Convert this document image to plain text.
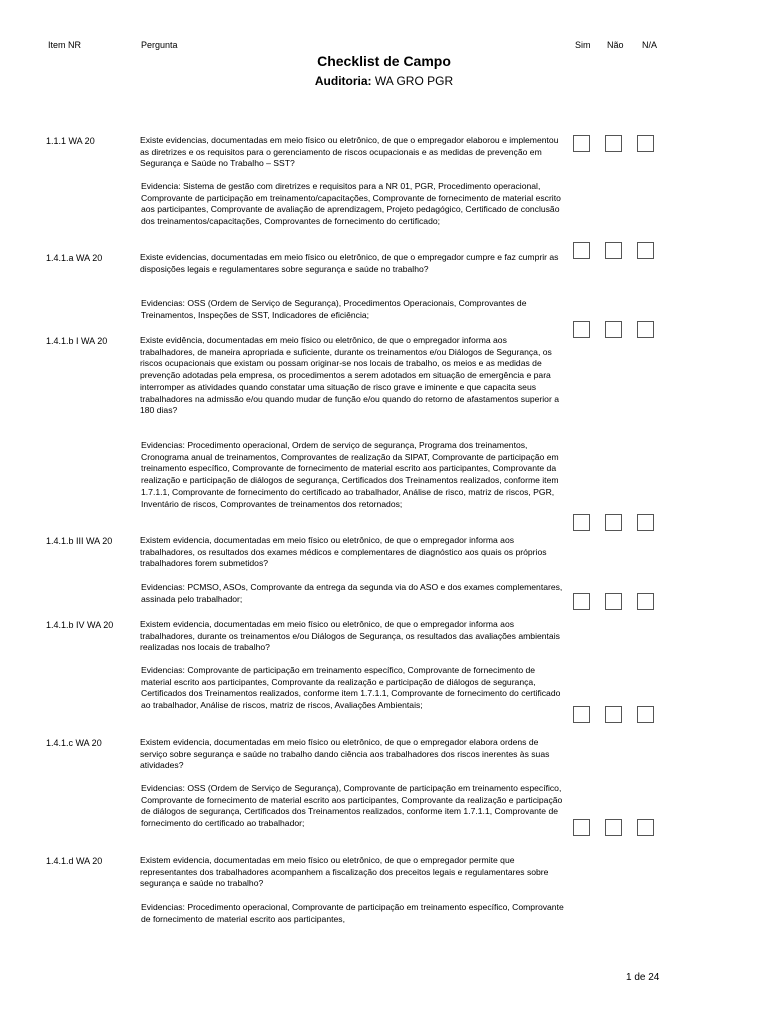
Item NR	Pergunta	Sim Não N/A
Checklist de Campo
Auditoria: WA GRO PGR
1.1.1 WA 20	Existe evidencias, documentadas em meio físico ou eletrônico, de que o empregador elaborou e implementou as diretrizes e os requisitos para o gerenciamento de riscos ocupacionais e as medidas de prevenção em Segurança e Saúde no Trabalho – SST?

Evidencia: Sistema de gestão com diretrizes e requisitos para a NR 01, PGR, Procedimento operacional, Comprovante de participação em treinamento/capacitações, Comprovante de fornecimento de material escrito aos participantes, Comprovante de avaliação de aprendizagem, Projeto pedagógico, Certificado de conclusão dos treinamentos/capacitações, Comprovantes de fornecimento do certificado;

1.4.1.a WA 20	Existe evidencias, documentadas em meio físico ou eletrônico, de que o empregador cumpre e faz cumprir as disposições legais e regulamentares sobre segurança e saúde no trabalho?

Evidencias: OSS (Ordem de Serviço de Segurança), Procedimentos Operacionais, Comprovantes de Treinamentos, Inspeções de SST, Indicadores de eficiência;

1.4.1.b I WA 20	Existe evidência, documentadas em meio físico ou eletrônico, de que o empregador informa aos trabalhadores, de maneira apropriada e suficiente, durante os treinamentos e/ou Diálogos de Segurança, os riscos ocupacionais que existam ou possam originar-se nos locais de trabalho, os meios e as medidas de prevenção adotadas pela empresa, os procedimentos a serem adotados em situação de emergência e para interromper as atividades quando constatar uma situação de risco grave e iminente e que capacita seus trabalhadores na admissão e/ou quando mudar de função e/ou quando do retorno de afastamentos superior a 180 dias?

Evidencias: Procedimento operacional, Ordem de serviço de segurança, Programa dos treinamentos, Cronograma anual de treinamentos, Comprovantes de realização da SIPAT, Comprovante de participação em treinamento específico, Comprovante de fornecimento de material escrito aos participantes, Comprovante da realização e participação de diálogos de segurança, Certificados dos Treinamentos realizados, conforme item 1.7.1.1, Comprovante de fornecimento do certificado ao trabalhador, Análise de risco, matriz de riscos, PGR, Inventário de riscos, Comprovantes de treinamentos dos retornados;

1.4.1.b III WA 20	Existem evidencia, documentadas em meio físico ou eletrônico, de que o empregador informa aos trabalhadores, os resultados dos exames médicos e complementares de diagnóstico aos quais os próprios trabalhadores forem submetidos?

Evidencias: PCMSO, ASOs, Comprovante da entrega da segunda via do ASO e dos exames complementares, assinada pelo trabalhador;

1.4.1.b IV WA 20	Existem evidencia, documentadas em meio físico ou eletrônico, de que o empregador informa aos trabalhadores, durante os treinamentos e/ou Diálogos de Segurança, os resultados das avaliações ambientais realizadas nos locais de trabalho?

Evidencias: Comprovante de participação em treinamento específico, Comprovante de fornecimento de material escrito aos participantes, Comprovante da realização e participação de diálogos de segurança, Certificados dos Treinamentos realizados, conforme item 1.7.1.1, Comprovante de fornecimento do certificado ao trabalhador, Análise de riscos, matriz de riscos, Avaliações Ambientais;

1.4.1.c WA 20	Existem evidencia, documentadas em meio físico ou eletrônico, de que o empregador elabora ordens de serviço sobre segurança e saúde no trabalho dando ciência aos trabalhadores dos riscos inerentes às suas atividades?

Evidencias: OSS (Ordem de Serviço de Segurança), Comprovante de participação em treinamento específico, Comprovante de fornecimento de material escrito aos participantes, Comprovante da realização e participação de diálogos de segurança, Certificados dos Treinamentos realizados, conforme item 1.7.1.1, Comprovante de fornecimento do certificado ao trabalhador;

1.4.1.d WA 20	Existem evidencia, documentadas em meio físico ou eletrônico, de que o empregador permite que representantes dos trabalhadores acompanhem a fiscalização dos preceitos legais e regulamentares sobre segurança e saúde no trabalho?

Evidencias: Procedimento operacional, Comprovante de participação em treinamento específico, Comprovante de fornecimento de material escrito aos participantes,

1 de 24
